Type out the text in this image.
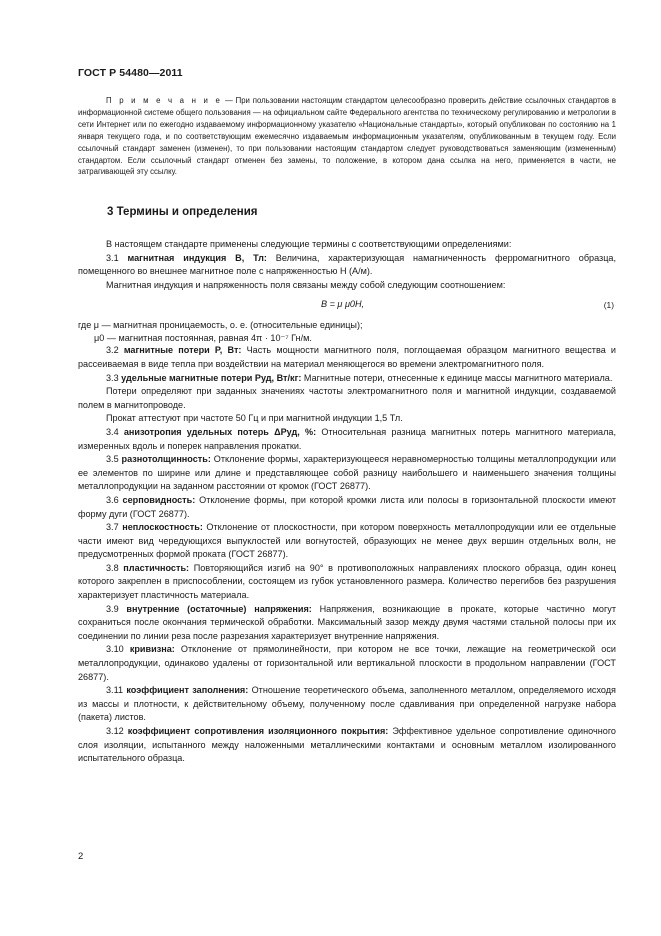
ГОСТ Р 54480—2011
П р и м е ч а н и е — При пользовании настоящим стандартом целесообразно проверить действие ссылочных стандартов в информационной системе общего пользования — на официальном сайте Федерального агентства по техническому регулированию и метрологии в сети Интернет или по ежегодно издаваемому информационному указателю «Национальные стандарты», который опубликован по состоянию на 1 января текущего года, и по соответствующим ежемесячно издаваемым информационным указателям, опубликованным в текущем году. Если ссылочный стандарт заменен (изменен), то при пользовании настоящим стандартом следует руководствоваться заменяющим (измененным) стандартом. Если ссылочный стандарт отменен без замены, то положение, в котором дана ссылка на него, применяется в части, не затрагивающей эту ссылку.
3 Термины и определения

В настоящем стандарте применены следующие термины с соответствующими определениями:

3.1 магнитная индукция B, Тл: Величина, характеризующая намагниченность ферромагнитного образца, помещенного во внешнее магнитное поле с напряженностью H (А/м).

Магнитная индукция и напряженность поля связаны между собой следующим соотношением:

B = μ μ0H,	(1)

где μ — магнитная проницаемость, о. е. (относительные единицы);

μ0 — магнитная постоянная, равная 4π · 10⁻⁷ Гн/м.

3.2 магнитные потери P, Вт: Часть мощности магнитного поля, поглощаемая образцом магнитного вещества и рассеиваемая в виде тепла при воздействии на материал меняющегося во времени электромагнитного поля.

3.3 удельные магнитные потери Pуд, Вт/кг: Магнитные потери, отнесенные к единице массы магнитного материала.

Потери определяют при заданных значениях частоты электромагнитного поля и магнитной индукции, создаваемой полем в магнитопроводе.

Прокат аттестуют при частоте 50 Гц и при магнитной индукции 1,5 Тл.

3.4 анизотропия удельных потерь ΔPуд, %: Относительная разница магнитных потерь магнитного материала, измеренных вдоль и поперек направления прокатки.

3.5 разнотолщинность: Отклонение формы, характеризующееся неравномерностью толщины металлопродукции или ее элементов по ширине или длине и представляющее собой разницу наибольшего и наименьшего значения толщины металлопродукции на заданном расстоянии от кромок (ГОСТ 26877).

3.6 серповидность: Отклонение формы, при которой кромки листа или полосы в горизонтальной плоскости имеют форму дуги (ГОСТ 26877).

3.7 неплоскостность: Отклонение от плоскостности, при котором поверхность металлопродукции или ее отдельные части имеют вид чередующихся выпуклостей или вогнутостей, образующих не менее двух вершин отдельных волн, не предусмотренных формой проката (ГОСТ 26877).

3.8 пластичность: Повторяющийся изгиб на 90° в противоположных направлениях плоского образца, один конец которого закреплен в приспособлении, состоящем из губок установленного размера. Количество перегибов без разрушения характеризует пластичность материала.

3.9 внутренние (остаточные) напряжения: Напряжения, возникающие в прокате, которые частично могут сохраниться после окончания термической обработки. Максимальный зазор между двумя частями стальной полосы при их соединении по линии реза после разрезания характеризует внутренние напряжения.

3.10 кривизна: Отклонение от прямолинейности, при котором не все точки, лежащие на геометрической оси металлопродукции, одинаково удалены от горизонтальной или вертикальной плоскости в продольном направлении (ГОСТ 26877).

3.11 коэффициент заполнения: Отношение теоретического объема, заполненного металлом, определяемого исходя из массы и плотности, к действительному объему, полученному после сдавливания при определенной нагрузке набора (пакета) листов.

3.12 коэффициент сопротивления изоляционного покрытия: Эффективное удельное сопротивление одиночного слоя изоляции, испытанного между наложенными металлическими контактами и основным металлом изолированного испытательного образца.

2
